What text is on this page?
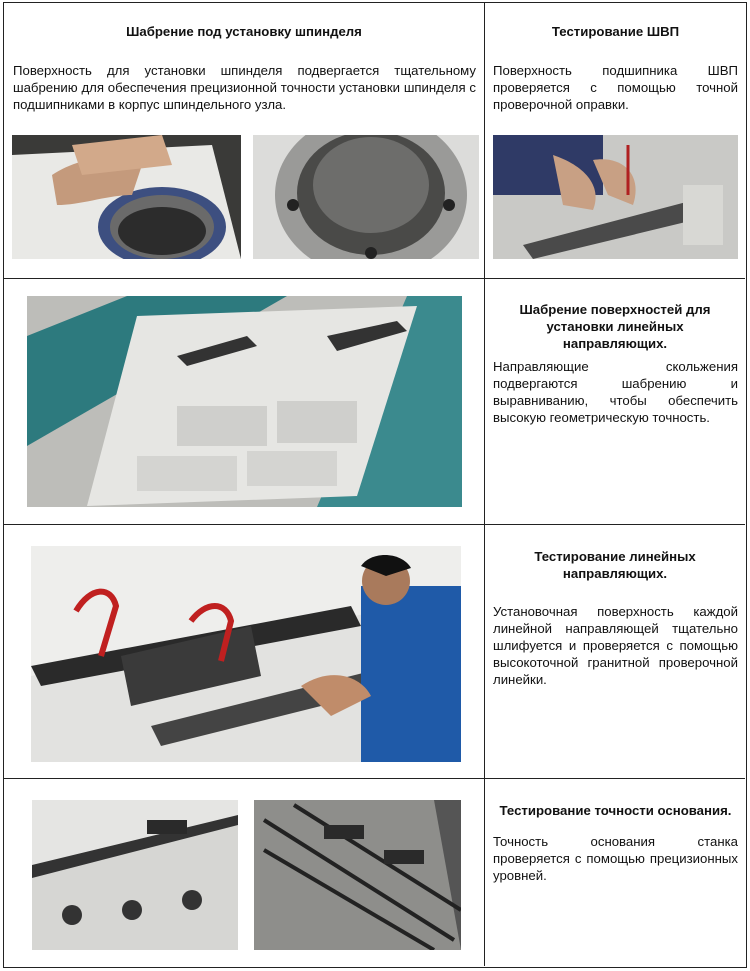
Шабрение под установку шпинделя
Поверхность для установки шпинделя подвергается тщательному шабрению для обеспечения прецизионной точности установки шпинделя с подшипниками в корпус шпиндельного узла.
Тестирование ШВП
Поверхность подшипника ШВП проверяется с помощью точной проверочной оправки.
Шабрение поверхностей для установки линейных направляющих.
Направляющие скольжения подвергаются шабрению и выравниванию, чтобы обеспечить высокую геометрическую точность.
Тестирование линейных направляющих.
Установочная поверхность каждой линейной направляющей тщательно шлифуется и проверяется с помощью высокоточной гранитной проверочной линейки.
Тестирование точности основания.
Точность основания станка проверяется с помощью прецизионных уровней.
